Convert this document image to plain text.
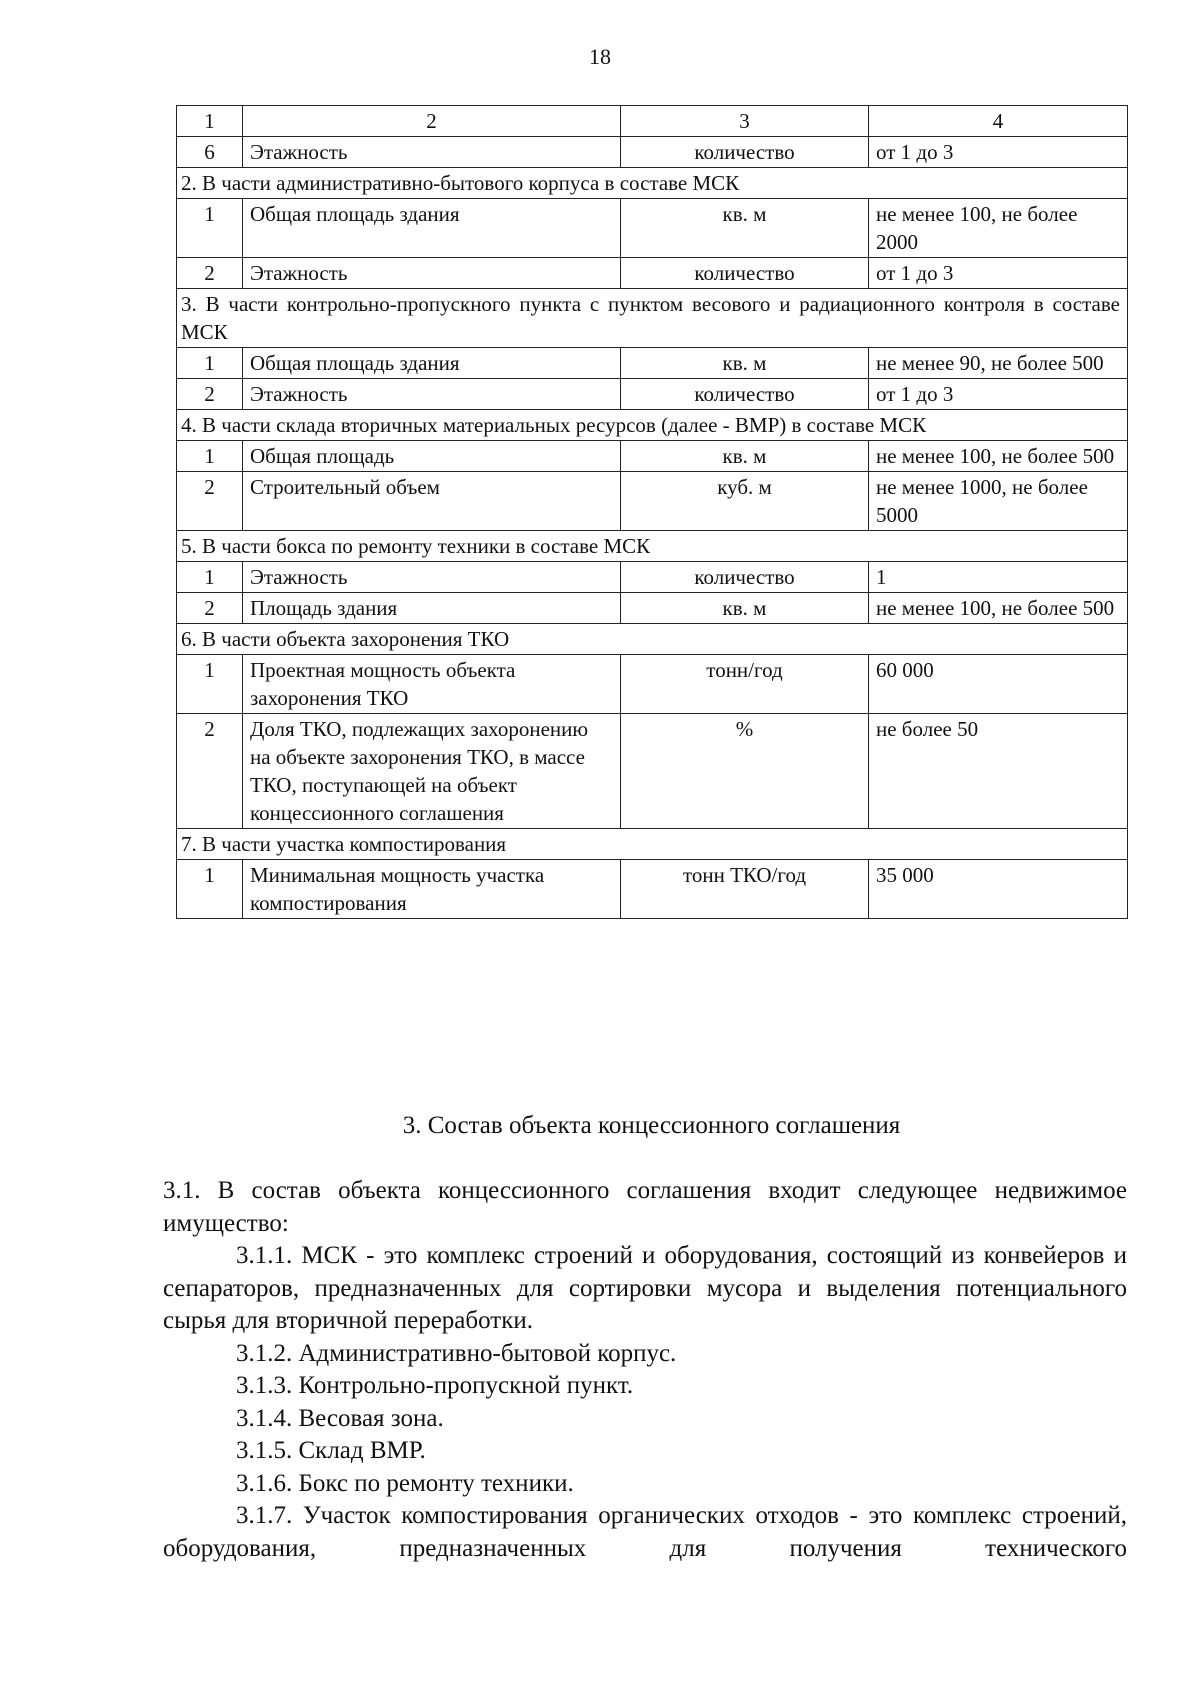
18
1	2	3	4
6	Этажность	количество	от 1 до 3
2. В части административно-бытового корпуса в составе МСК			
1	Общая площадь здания	кв. м	не менее 100, не более 2000
2	Этажность	количество	от 1 до 3
3. В части контрольно-пропускного пункта с пунктом весового и радиационного контроля в составе МСК			
1	Общая площадь здания	кв. м	не менее 90, не более 500
2	Этажность	количество	от 1 до 3
4. В части склада вторичных материальных ресурсов (далее - ВМР) в составе МСК			
1	Общая площадь	кв. м	не менее 100, не более 500
2	Строительный объем	куб. м	не менее 1000, не более 5000
5. В части бокса по ремонту техники в составе МСК			
1	Этажность	количество	1
2	Площадь здания	кв. м	не менее 100, не более 500
6. В части объекта захоронения ТКО			
1	Проектная мощность объекта захоронения ТКО	тонн/год	60 000
2	Доля ТКО, подлежащих захоронению на объекте захоронения ТКО, в массе ТКО, поступающей на объект концессионного соглашения	%	не более 50
7. В части участка компостирования			
1	Минимальная мощность участка компостирования	тонн ТКО/год	35 000
3. Состав объекта концессионного соглашения

3.1. В состав объекта концессионного соглашения входит следующее недвижимое имущество:

3.1.1. МСК - это комплекс строений и оборудования, состоящий из конвейеров и сепараторов, предназначенных для сортировки мусора и выделения потенциального сырья для вторичной переработки.

3.1.2. Административно-бытовой корпус.

3.1.3. Контрольно-пропускной пункт.

3.1.4. Весовая зона.

3.1.5. Склад ВМР.

3.1.6. Бокс по ремонту техники.

3.1.7. Участок компостирования органических отходов - это комплекс строений, оборудования, предназначенных для получения технического
